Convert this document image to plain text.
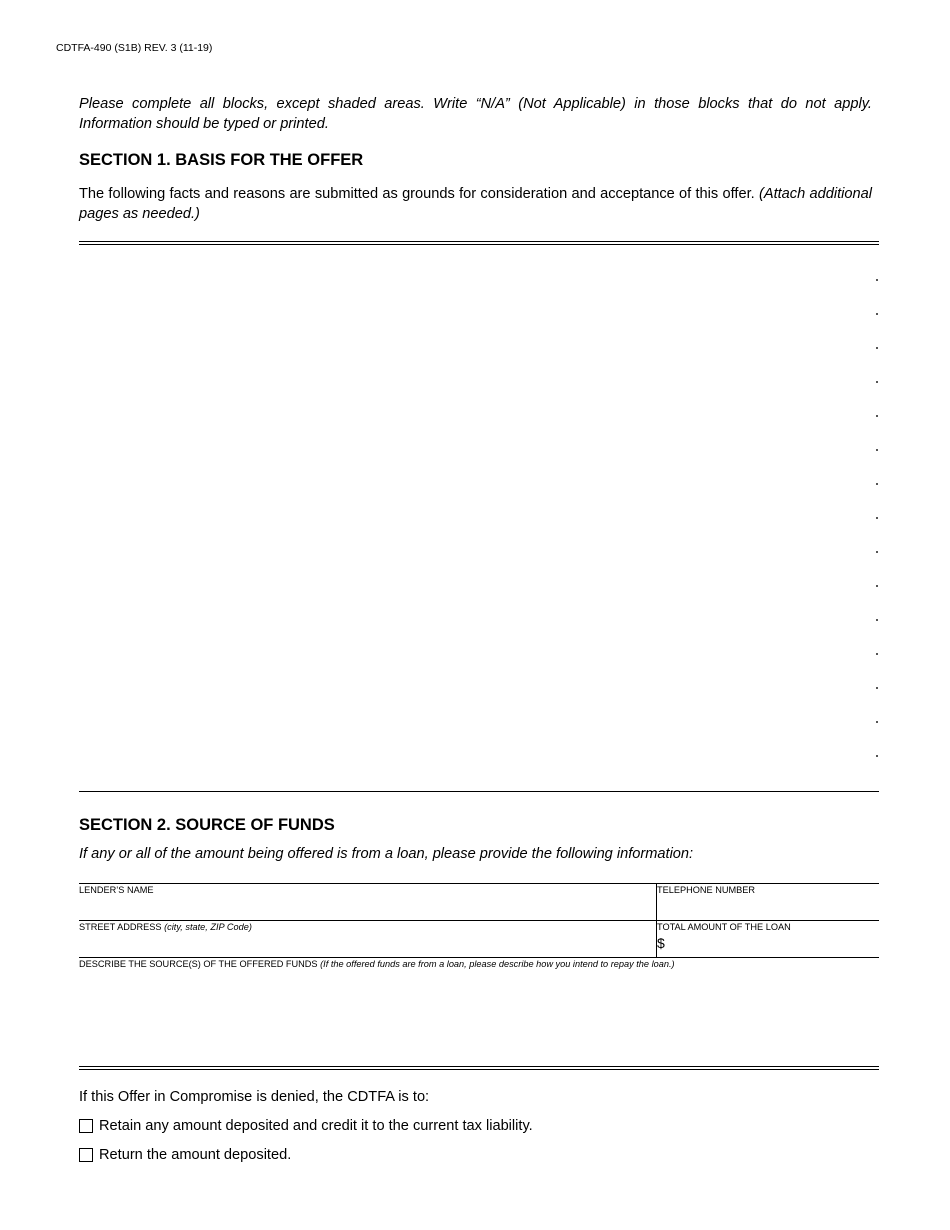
CDTFA-490 (S1B) REV. 3 (11-19)
Please complete all blocks, except shaded areas. Write “N/A” (Not Applicable) in those blocks that do not apply. Information should be typed or printed.
SECTION 1. BASIS FOR THE OFFER
The following facts and reasons are submitted as grounds for consideration and acceptance of this offer. (Attach additional pages as needed.)
SECTION 2. SOURCE OF FUNDS
If any or all of the amount being offered is from a loan, please provide the following information:
LENDER’S NAME	TELEPHONE NUMBER
STREET ADDRESS (city, state, ZIP Code)	TOTAL AMOUNT OF THE LOAN
$
DESCRIBE THE SOURCE(S) OF THE OFFERED FUNDS (If the offered funds are from a loan, please describe how you intend to repay the loan.)
If this Offer in Compromise is denied, the CDTFA is to:
Retain any amount deposited and credit it to the current tax liability.
Return the amount deposited.
